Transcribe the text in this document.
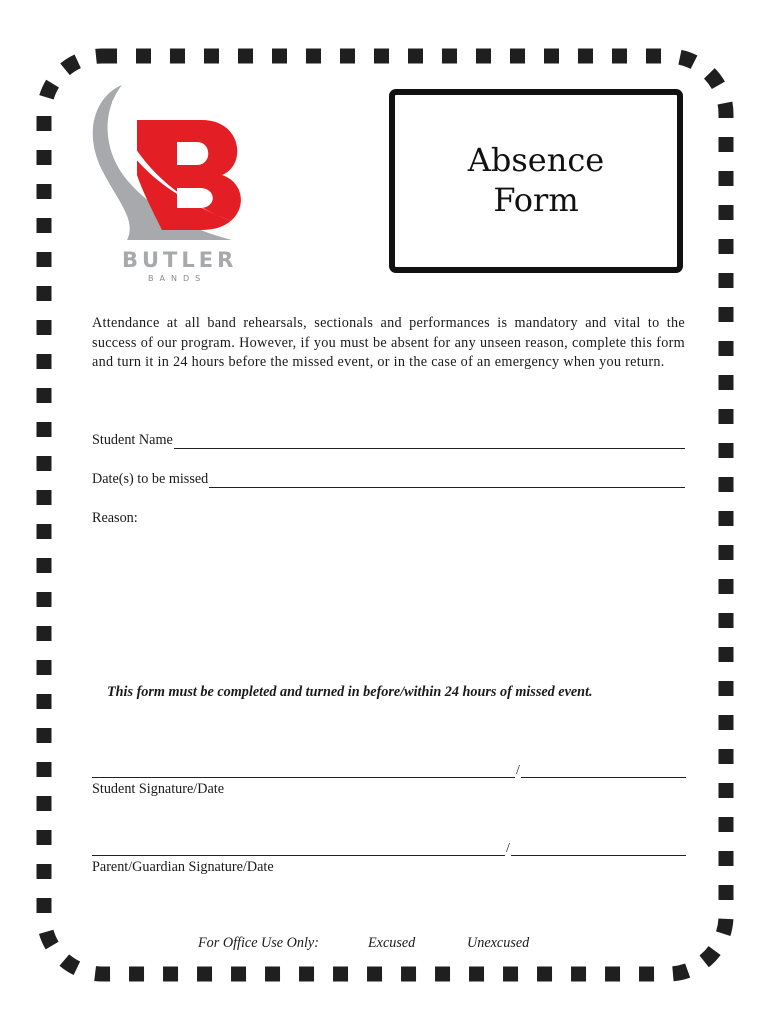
BUTLER
BANDS
Absence
Form
Attendance at all band rehearsals, sectionals and performances is mandatory and vital to the success of our program. However, if you must be absent for any unseen reason, complete this form and turn it in 24 hours before the missed event, or in the case of an emergency when you return.
Student Name
Date(s) to be missed
Reason:
This form must be completed and turned in before/within 24 hours of missed event.
/
Student Signature/Date
/
Parent/Guardian Signature/Date
For Office Use Only:	Excused	Unexcused
